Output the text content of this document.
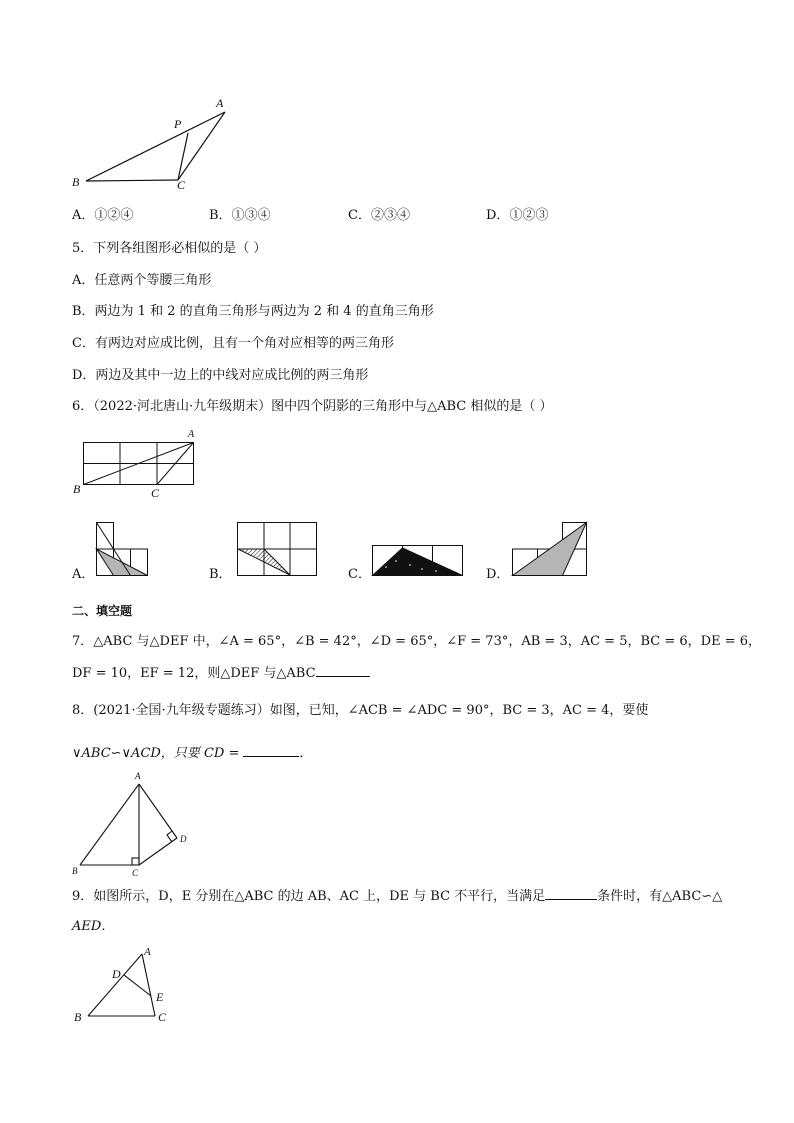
A
P
B	C
A．①②④	B．①③④	C．②③④	D．①②③
5．下列各组图形必相似的是（ ）
A．任意两个等腰三角形
B．两边为 1 和 2 的直角三角形与两边为 2 和 4 的直角三角形
C．有两边对应成比例，且有一个角对应相等的两三角形
D．两边及其中一边上的中线对应成比例的两三角形
6．（2022·河北唐山·九年级期末）图中四个阴影的三角形中与△ABC 相似的是（ ）
A
B	C
A．	B．	C．	D．
二、填空题
7．△ABC 与△DEF 中，∠A = 65°，∠B = 42°，∠D = 65°，∠F = 73°，AB = 3，AC = 5，BC = 6，DE = 6，
DF = 10，EF = 12，则△DEF 与△ABC
8．(2021·全国·九年级专题练习）如图，已知，∠ACB = ∠ADC = 90°，BC = 3，AC = 4，要使
∨ABC∽∨ACD，只要 CD =	．
A
B	C
D
9．如图所示，D，E 分别在△ABC 的边 AB、AC 上，DE 与 BC 不平行，当满足	条件时，有△ABC∽△
AED．
A
D
E
B	C
